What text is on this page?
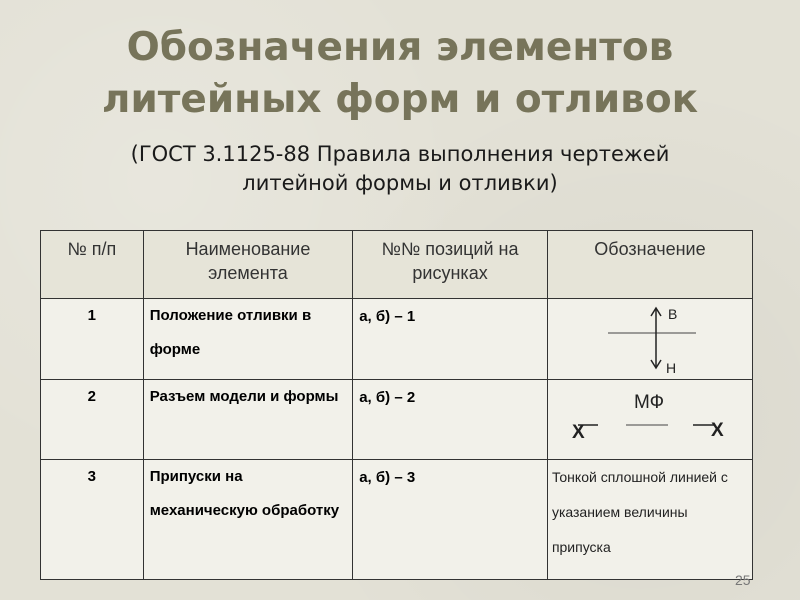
Обозначения элементов
литейных форм и отливок
(ГОСТ 3.1125-88 Правила выполнения чертежей
литейной формы и отливки)
№ п/п	Наименование элемента	№№ позиций на рисунках	Обозначение
1	Положение отливки в форме	а, б) – 1	В
Н

2	Разъем модели и формы	а, б) – 2	МФ
Х Х

3	Припуски на механическую обработку	а, б) – 3	Тонкой сплошной линией с указанием величины припуска
25
